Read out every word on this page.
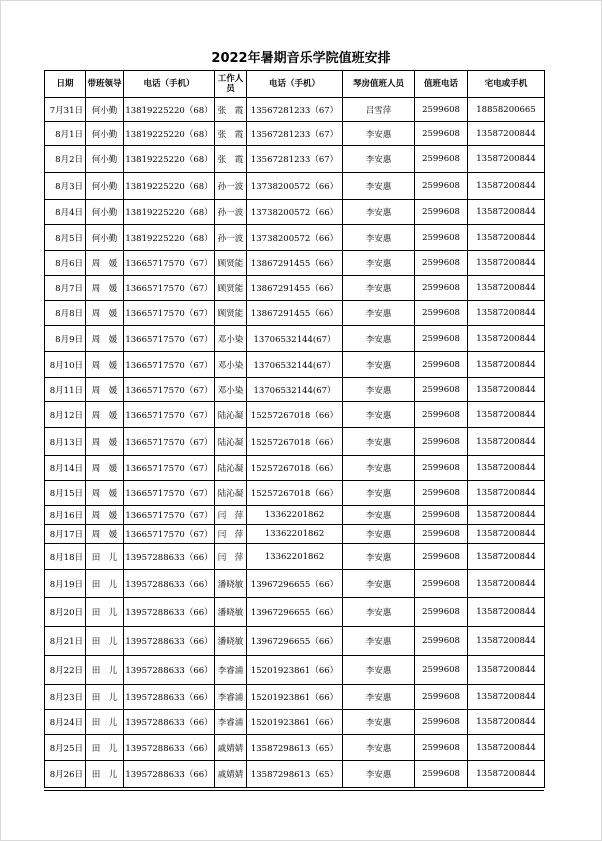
2022年暑期音乐学院值班安排
日期	带班领导	电话（手机）	工作人员	电话（手机）	琴房值班人员	值班电话	宅电或手机
7月31日	何小勤	13819225220（68）	张　霞	13567281233（67）	吕雪萍	2599608	18858200665
8月1日	何小勤	13819225220（68）	张　霞	13567281233（67）	李安惠	2599608	13587200844
8月2日	何小勤	13819225220（68）	张　霞	13567281233（67）	李安惠	2599608	13587200844
8月3日	何小勤	13819225220（68）	孙一波	13738200572（66）	李安惠	2599608	13587200844
8月4日	何小勤	13819225220（68）	孙一波	13738200572（66）	李安惠	2599608	13587200844
8月5日	何小勤	13819225220（68）	孙一波	13738200572（66）	李安惠	2599608	13587200844
8月6日	周　媛	13665717570（67）	顾贤能	13867291455（66）	李安惠	2599608	13587200844
8月7日	周　媛	13665717570（67）	顾贤能	13867291455（66）	李安惠	2599608	13587200844
8月8日	周　媛	13665717570（67）	顾贤能	13867291455（66）	李安惠	2599608	13587200844
8月9日	周　媛	13665717570（67）	邓小染	13706532144(67）	李安惠	2599608	13587200844
8月10日	周　媛	13665717570（67）	邓小染	13706532144(67）	李安惠	2599608	13587200844
8月11日	周　媛	13665717570（67）	邓小染	13706532144(67）	李安惠	2599608	13587200844
8月12日	周　媛	13665717570（67）	陆沁凝	15257267018（66）	李安惠	2599608	13587200844
8月13日	周　媛	13665717570（67）	陆沁凝	15257267018（66）	李安惠	2599608	13587200844
8月14日	周　媛	13665717570（67）	陆沁凝	15257267018（66）	李安惠	2599608	13587200844
8月15日	周　媛	13665717570（67）	陆沁凝	15257267018（66）	李安惠	2599608	13587200844
8月16日	周　媛	13665717570（67）	闫　萍	13362201862	李安惠	2599608	13587200844
8月17日	周　媛	13665717570（67）	闫　萍	13362201862	李安惠	2599608	13587200844
8月18日	田　儿	13957288633（66）	闫　萍	13362201862	李安惠	2599608	13587200844
8月19日	田　儿	13957288633（66）	潘晓敏	13967296655（66）	李安惠	2599608	13587200844
8月20日	田　儿	13957288633（66）	潘晓敏	13967296655（66）	李安惠	2599608	13587200844
8月21日	田　儿	13957288633（66）	潘晓敏	13967296655（66）	李安惠	2599608	13587200844
8月22日	田　儿	13957288633（66）	李睿浦	15201923861（66）	李安惠	2599608	13587200844
8月23日	田　儿	13957288633（66）	李睿浦	15201923861（66）	李安惠	2599608	13587200844
8月24日	田　儿	13957288633（66）	李睿浦	15201923861（66）	李安惠	2599608	13587200844
8月25日	田　儿	13957288633（66）	戚婧婧	13587298613（65）	李安惠	2599608	13587200844
8月26日	田　儿	13957288633（66）	戚婧婧	13587298613（65）	李安惠	2599608	13587200844
